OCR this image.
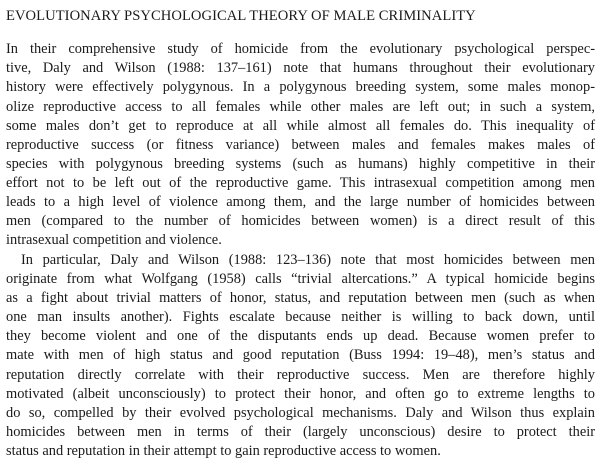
EVOLUTIONARY PSYCHOLOGICAL THEORY OF MALE CRIMINALITY

In their comprehensive study of homicide from the evolutionary psychological perspec-

tive, Daly and Wilson (1988: 137–161) note that humans throughout their evolutionary

history were effectively polygynous. In a polygynous breeding system, some males monop-

olize reproductive access to all females while other males are left out; in such a system,

some males don’t get to reproduce at all while almost all females do. This inequality of

reproductive success (or fitness variance) between males and females makes males of

species with polygynous breeding systems (such as humans) highly competitive in their

effort not to be left out of the reproductive game. This intrasexual competition among men

leads to a high level of violence among them, and the large number of homicides between

men (compared to the number of homicides between women) is a direct result of this

intrasexual competition and violence.

In particular, Daly and Wilson (1988: 123–136) note that most homicides between men

originate from what Wolfgang (1958) calls “trivial altercations.” A typical homicide begins

as a fight about trivial matters of honor, status, and reputation between men (such as when

one man insults another). Fights escalate because neither is willing to back down, until

they become violent and one of the disputants ends up dead. Because women prefer to

mate with men of high status and good reputation (Buss 1994: 19–48), men’s status and

reputation directly correlate with their reproductive success. Men are therefore highly

motivated (albeit unconsciously) to protect their honor, and often go to extreme lengths to

do so, compelled by their evolved psychological mechanisms. Daly and Wilson thus explain

homicides between men in terms of their (largely unconscious) desire to protect their

status and reputation in their attempt to gain reproductive access to women.
